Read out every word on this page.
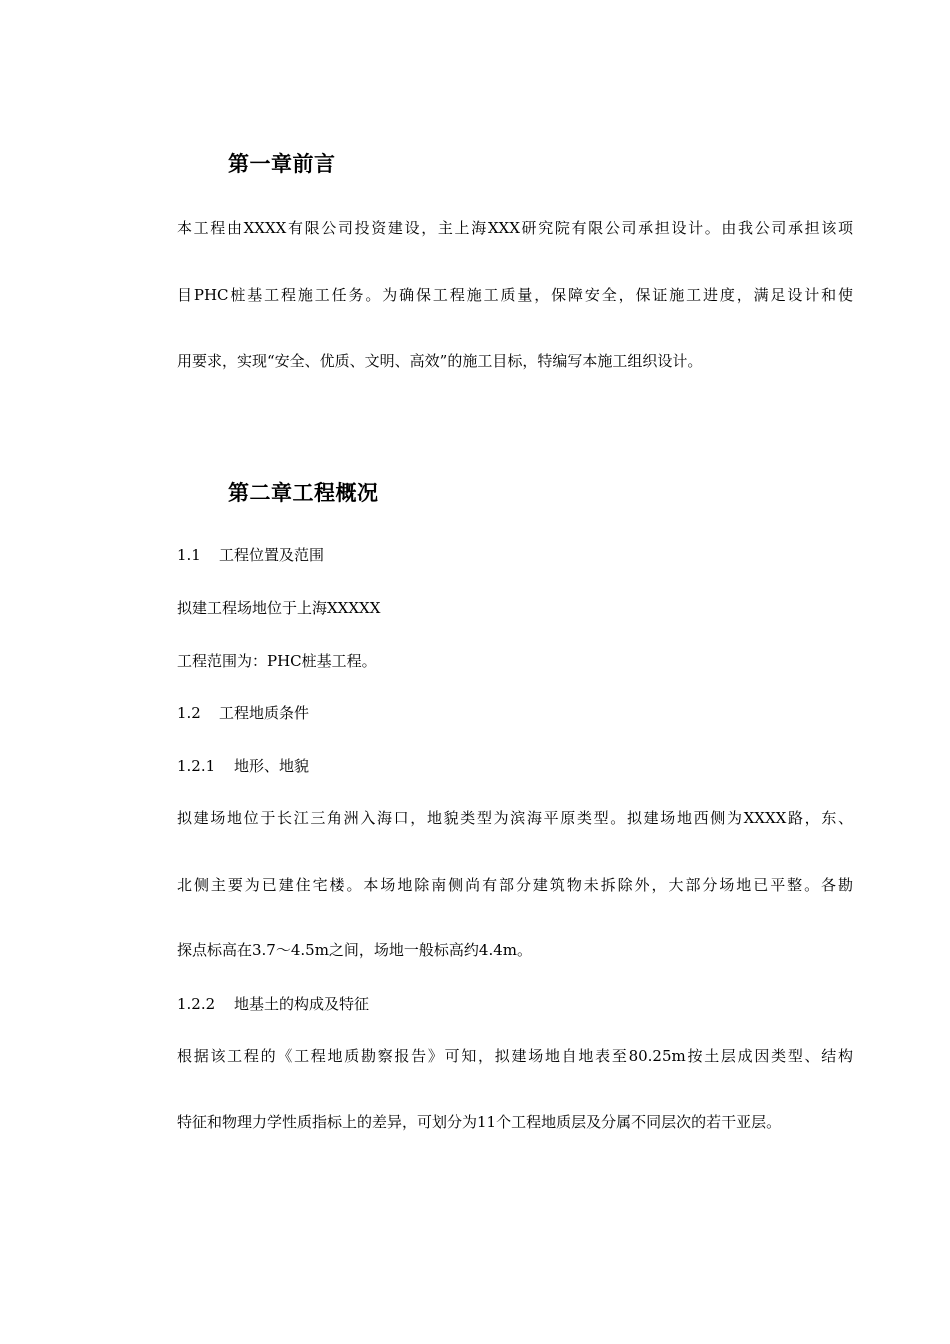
第一章前言
本工程由XXXX有限公司投资建设，主上海XXX研究院有限公司承担设计。由我公司承担该项
目PHC桩基工程施工任务。为确保工程施工质量，保障安全，保证施工进度，满足设计和使
用要求，实现“安全、优质、文明、高效”的施工目标，特编写本施工组织设计。
第二章工程概况
1.1 工程位置及范围
拟建工程场地位于上海XXXXX
工程范围为：PHC桩基工程。
1.2 工程地质条件
1.2.1 地形、地貌
拟建场地位于长江三角洲入海口，地貌类型为滨海平原类型。拟建场地西侧为XXXX路，东、
北侧主要为已建住宅楼。本场地除南侧尚有部分建筑物未拆除外，大部分场地已平整。各勘
探点标高在3.7～4.5m之间，场地一般标高约4.4m。
1.2.2 地基土的构成及特征
根据该工程的《工程地质勘察报告》可知，拟建场地自地表至80.25m按土层成因类型、结构
特征和物理力学性质指标上的差异，可划分为11个工程地质层及分属不同层次的若干亚层。
